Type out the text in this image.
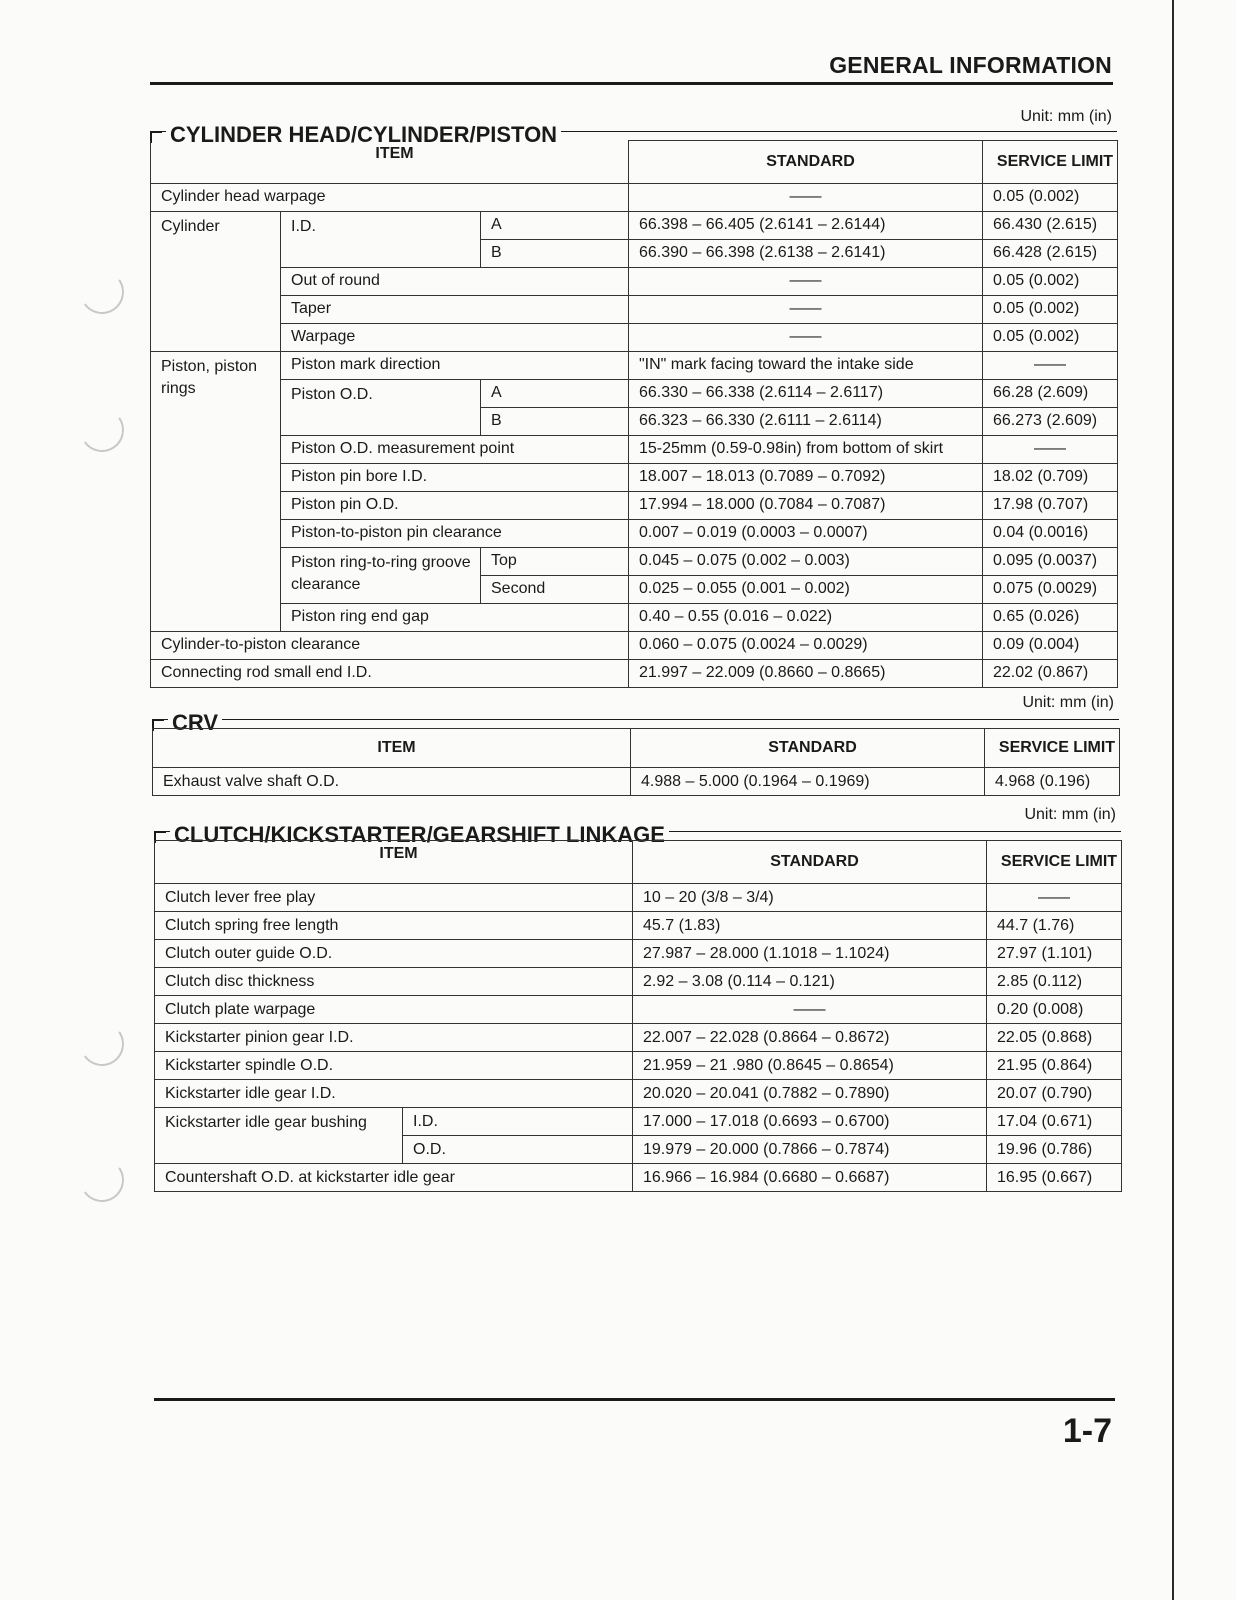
GENERAL INFORMATION
Unit: mm (in)
CYLINDER HEAD/CYLINDER/PISTON
ITEM			STANDARD	SERVICE LIMIT
Cylinder head warpage			——	0.05 (0.002)
Cylinder	I.D.	A	66.398 – 66.405 (2.6141 – 2.6144)	66.430 (2.615)
		B	66.390 – 66.398 (2.6138 – 2.6141)	66.428 (2.615)
	Out of round		——	0.05 (0.002)
	Taper		——	0.05 (0.002)
	Warpage		——	0.05 (0.002)
Piston, piston rings	Piston mark direction		"IN" mark facing toward the intake side	——
	Piston O.D.	A	66.330 – 66.338 (2.6114 – 2.6117)	66.28 (2.609)
		B	66.323 – 66.330 (2.6111 – 2.6114)	66.273 (2.609)
	Piston O.D. measurement point		15-25mm (0.59-0.98in) from bottom of skirt	——
	Piston pin bore I.D.		18.007 – 18.013 (0.7089 – 0.7092)	18.02 (0.709)
	Piston pin O.D.		17.994 – 18.000 (0.7084 – 0.7087)	17.98 (0.707)
	Piston-to-piston pin clearance		0.007 – 0.019 (0.0003 – 0.0007)	0.04 (0.0016)
	Piston ring-to-ring groove clearance	Top	0.045 – 0.075 (0.002 – 0.003)	0.095 (0.0037)
		Second	0.025 – 0.055 (0.001 – 0.002)	0.075 (0.0029)
	Piston ring end gap		0.40 – 0.55 (0.016 – 0.022)	0.65 (0.026)
Cylinder-to-piston clearance			0.060 – 0.075 (0.0024 – 0.0029)	0.09 (0.004)
Connecting rod small end I.D.			21.997 – 22.009 (0.8660 – 0.8665)	22.02 (0.867)
Unit: mm (in)
CRV
ITEM	STANDARD	SERVICE LIMIT
Exhaust valve shaft O.D.	4.988 – 5.000 (0.1964 – 0.1969)	4.968 (0.196)
Unit: mm (in)
CLUTCH/KICKSTARTER/GEARSHIFT LINKAGE
ITEM		STANDARD	SERVICE LIMIT
Clutch lever free play		10 – 20 (3/8 – 3/4)	——
Clutch spring free length		45.7 (1.83)	44.7 (1.76)
Clutch outer guide O.D.		27.987 – 28.000 (1.1018 – 1.1024)	27.97 (1.101)
Clutch disc thickness		2.92 – 3.08 (0.114 – 0.121)	2.85 (0.112)
Clutch plate warpage		——	0.20 (0.008)
Kickstarter pinion gear I.D.		22.007 – 22.028 (0.8664 – 0.8672)	22.05 (0.868)
Kickstarter spindle O.D.		21.959 – 21 .980 (0.8645 – 0.8654)	21.95 (0.864)
Kickstarter idle gear I.D.		20.020 – 20.041 (0.7882 – 0.7890)	20.07 (0.790)
Kickstarter idle gear bushing	I.D.	17.000 – 17.018 (0.6693 – 0.6700)	17.04 (0.671)
	O.D.	19.979 – 20.000 (0.7866 – 0.7874)	19.96 (0.786)
Countershaft O.D. at kickstarter idle gear		16.966 – 16.984 (0.6680 – 0.6687)	16.95 (0.667)
1-7
